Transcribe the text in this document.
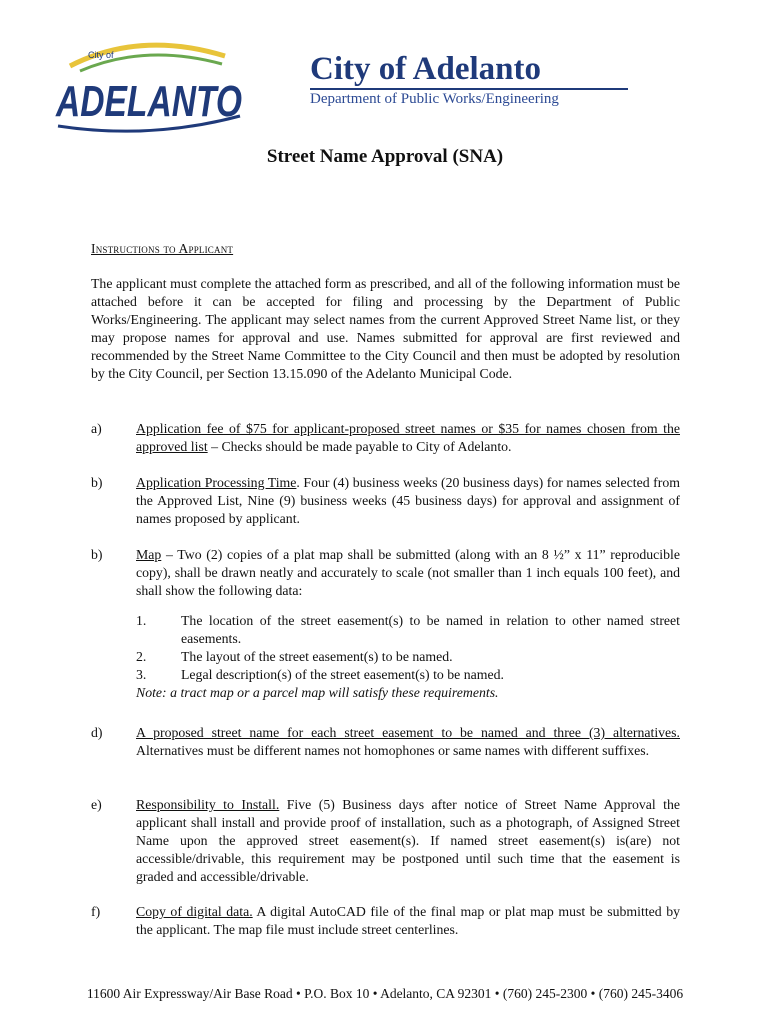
City of
ADELANTO
City of Adelanto
Department of Public Works/Engineering
Street Name Approval (SNA)
Instructions to Applicant
The applicant must complete the attached form as prescribed, and all of the following information must be attached before it can be accepted for filing and processing by the Department of Public Works/Engineering. The applicant may select names from the current Approved Street Name list, or they may propose names for approval and use. Names submitted for approval are first reviewed and recommended by the Street Name Committee to the City Council and then must be adopted by resolution by the City Council, per Section 13.15.090 of the Adelanto Municipal Code.
a)	Application fee of $75 for applicant-proposed street names or $35 for names chosen from the approved list – Checks should be made payable to City of Adelanto.
b)	Application Processing Time. Four (4) business weeks (20 business days) for names selected from the Approved List, Nine (9) business weeks (45 business days) for approval and assignment of names proposed by applicant.
b)	Map – Two (2) copies of a plat map shall be submitted (along with an 8 ½” x 11” reproducible copy), shall be drawn neatly and accurately to scale (not smaller than 1 inch equals 100 feet), and shall show the following data:
1.	The location of the street easement(s) to be named in relation to other named street easements.
2.	The layout of the street easement(s) to be named.
3.	Legal description(s) of the street easement(s) to be named.
Note: a tract map or a parcel map will satisfy these requirements.
d)	A proposed street name for each street easement to be named and three (3) alternatives. Alternatives must be different names not homophones or same names with different suffixes.
e)	Responsibility to Install. Five (5) Business days after notice of Street Name Approval the applicant shall install and provide proof of installation, such as a photograph, of Assigned Street Name upon the approved street easement(s). If named street easement(s) is(are) not accessible/drivable, this requirement may be postponed until such time that the easement is graded and accessible/drivable.
f)	Copy of digital data. A digital AutoCAD file of the final map or plat map must be submitted by the applicant. The map file must include street centerlines.
11600 Air Expressway/Air Base Road • P.O. Box 10 • Adelanto, CA 92301 • (760) 245-2300 • (760) 245-3406
